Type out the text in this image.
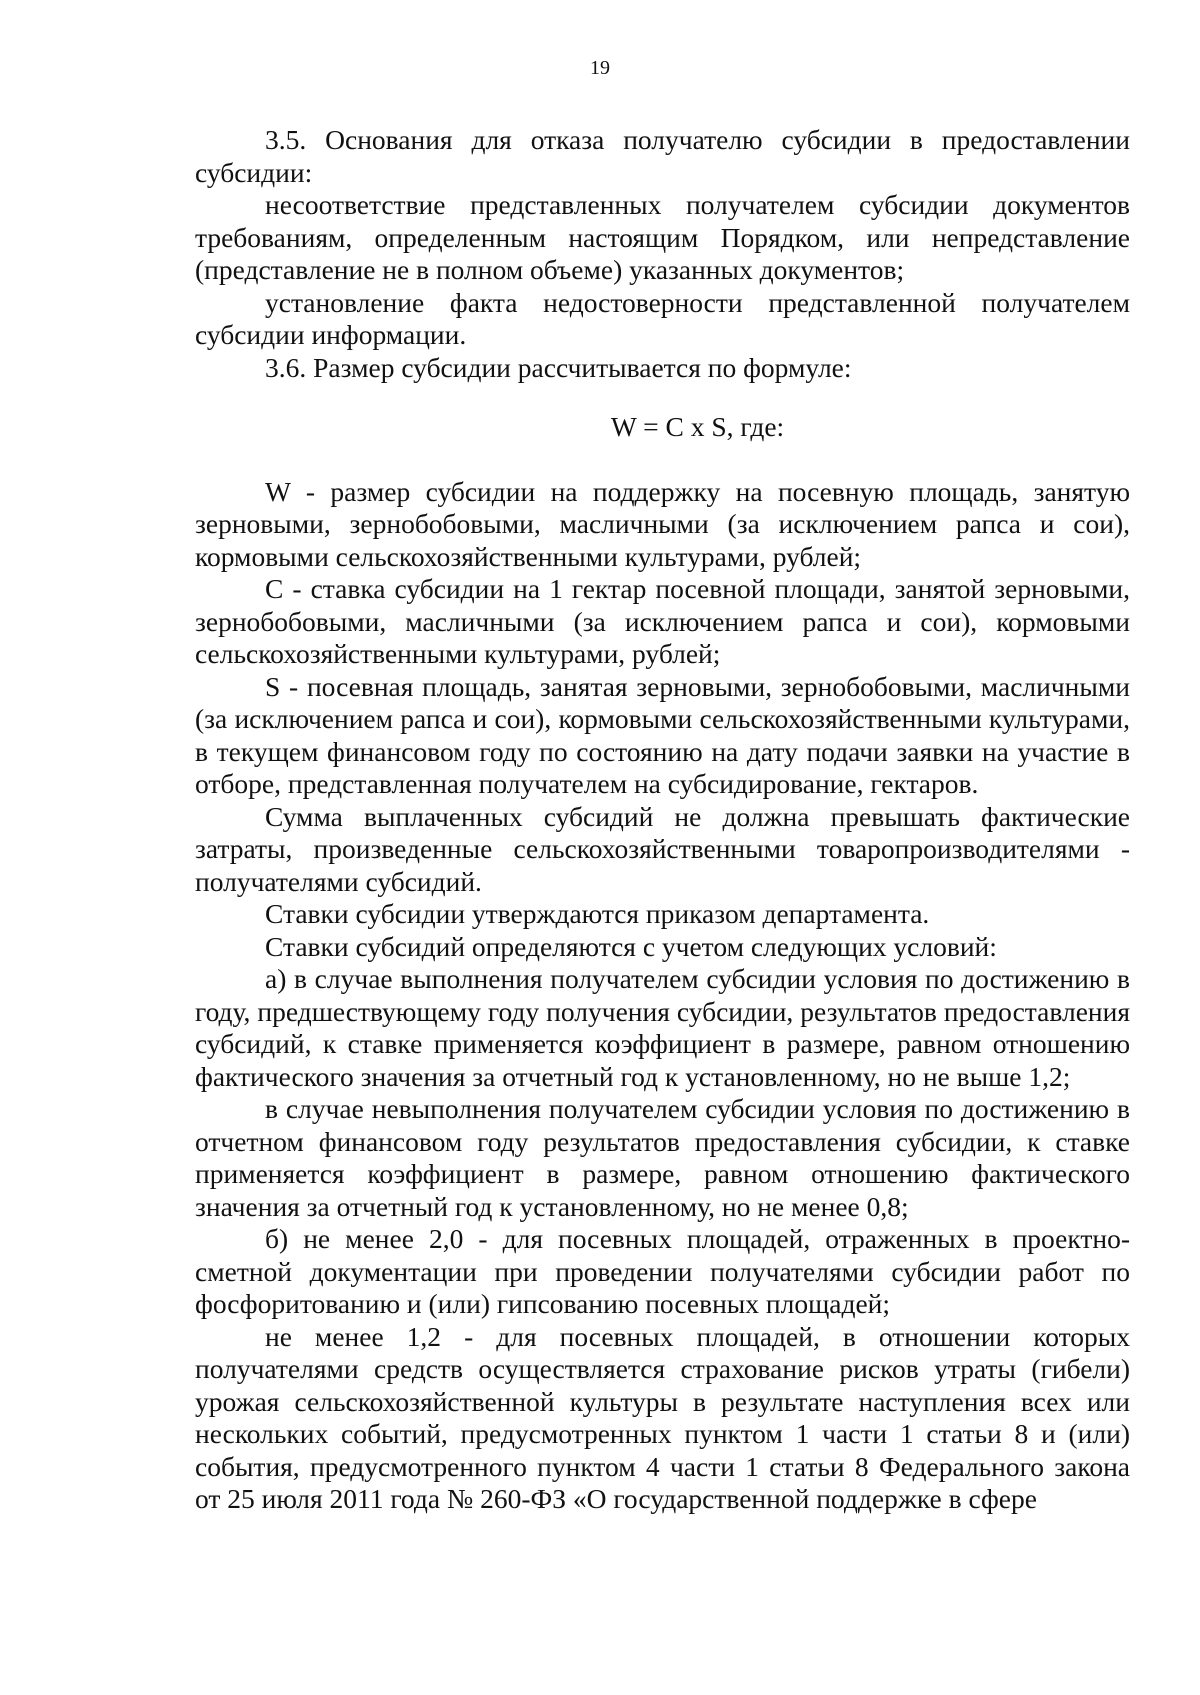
19

3.5. Основания для отказа получателю субсидии в предоставлении субсидии:

несоответствие представленных получателем субсидии документов требованиям, определенным настоящим Порядком, или непредставление (представление не в полном объеме) указанных документов;

установление факта недостоверности представленной получателем субсидии информации.

3.6. Размер субсидии рассчитывается по формуле:

W = C x S, где:

W - размер субсидии на поддержку на посевную площадь, занятую зерновыми, зернобобовыми, масличными (за исключением рапса и сои), кормовыми сельскохозяйственными культурами, рублей;

C - ставка субсидии на 1 гектар посевной площади, занятой зерновыми, зернобобовыми, масличными (за исключением рапса и сои), кормовыми сельскохозяйственными культурами, рублей;

S - посевная площадь, занятая зерновыми, зернобобовыми, масличными (за исключением рапса и сои), кормовыми сельскохозяйственными культурами, в текущем финансовом году по состоянию на дату подачи заявки на участие в отборе, представленная получателем на субсидирование, гектаров.

Сумма выплаченных субсидий не должна превышать фактические затраты, произведенные сельскохозяйственными товаропроизводителями - получателями субсидий.

Ставки субсидии утверждаются приказом департамента.

Ставки субсидий определяются с учетом следующих условий:

а) в случае выполнения получателем субсидии условия по достижению в году, предшествующему году получения субсидии, результатов предоставления субсидий, к ставке применяется коэффициент в размере, равном отношению фактического значения за отчетный год к установленному, но не выше 1,2;

в случае невыполнения получателем субсидии условия по достижению в отчетном финансовом году результатов предоставления субсидии, к ставке применяется коэффициент в размере, равном отношению фактического значения за отчетный год к установленному, но не менее 0,8;

б) не менее 2,0 - для посевных площадей, отраженных в проектно-сметной документации при проведении получателями субсидии работ по фосфоритованию и (или) гипсованию посевных площадей;

не менее 1,2 - для посевных площадей, в отношении которых получателями средств осуществляется страхование рисков утраты (гибели) урожая сельскохозяйственной культуры в результате наступления всех или нескольких событий, предусмотренных пунктом 1 части 1 статьи 8 и (или) события, предусмотренного пунктом 4 части 1 статьи 8 Федерального закона от 25 июля 2011 года № 260-ФЗ «О государственной поддержке в сфере
